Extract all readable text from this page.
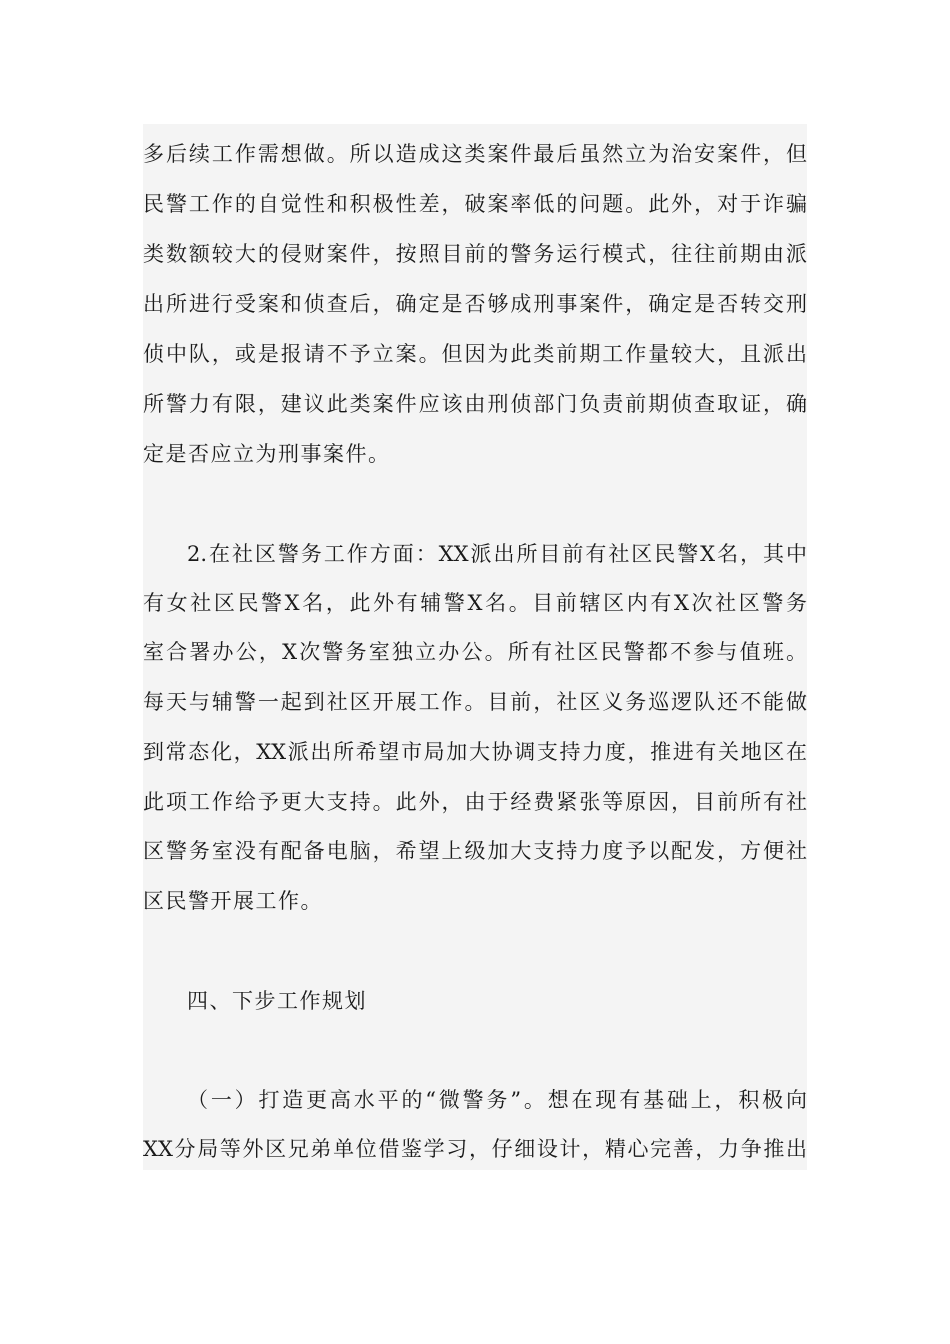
多后续工作需想做。所以造成这类案件最后虽然立为治安案件，但
民警工作的自觉性和积极性差，破案率低的问题。此外，对于诈骗
类数额较大的侵财案件，按照目前的警务运行模式，往往前期由派
出所进行受案和侦查后，确定是否够成刑事案件，确定是否转交刑
侦中队，或是报请不予立案。但因为此类前期工作量较大，且派出
所警力有限，建议此类案件应该由刑侦部门负责前期侦查取证，确
定是否应立为刑事案件。
2.在社区警务工作方面：XX派出所目前有社区民警X名，其中
有女社区民警X名，此外有辅警X名。目前辖区内有X次社区警务
室合署办公，X次警务室独立办公。所有社区民警都不参与值班。
每天与辅警一起到社区开展工作。目前，社区义务巡逻队还不能做
到常态化，XX派出所希望市局加大协调支持力度，推进有关地区在
此项工作给予更大支持。此外，由于经费紧张等原因，目前所有社
区警务室没有配备电脑，希望上级加大支持力度予以配发，方便社
区民警开展工作。
四、下步工作规划
（一）打造更高水平的“微警务”。想在现有基础上，积极向
XX分局等外区兄弟单位借鉴学习，仔细设计，精心完善，力争推出
